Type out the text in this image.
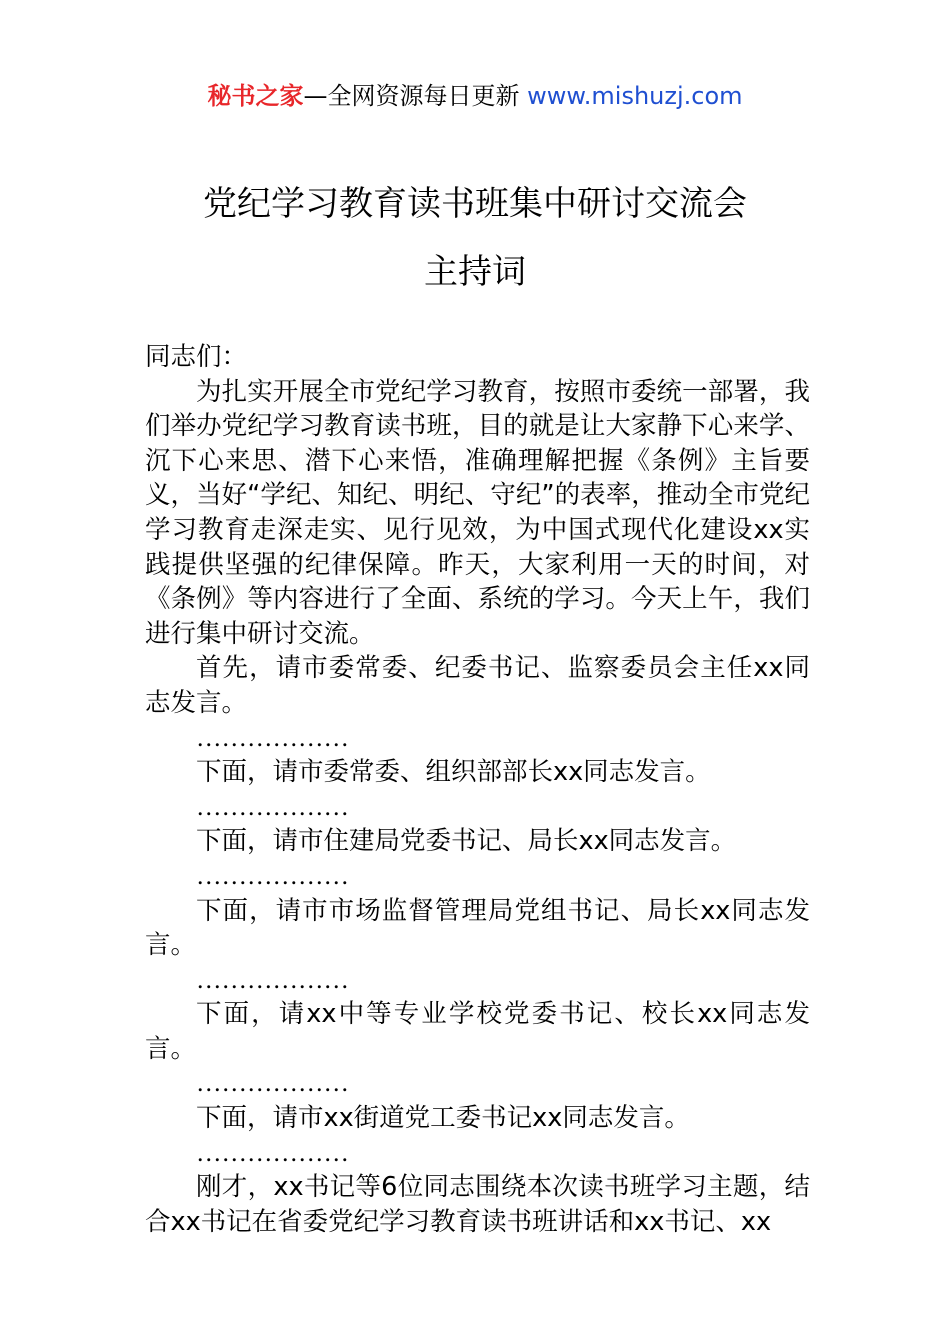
秘书之家—全网资源每日更新 www.mishuzj.com
党纪学习教育读书班集中研讨交流会
主持词

同志们：

为扎实开展全市党纪学习教育，按照市委统一部署，我们举办党纪学习教育读书班，目的就是让大家静下心来学、沉下心来思、潜下心来悟，准确理解把握《条例》主旨要义，当好“学纪、知纪、明纪、守纪”的表率，推动全市党纪学习教育走深走实、见行见效，为中国式现代化建设xx实践提供坚强的纪律保障。昨天，大家利用一天的时间，对《条例》等内容进行了全面、系统的学习。今天上午，我们进行集中研讨交流。

首先，请市委常委、纪委书记、监察委员会主任xx同志发言。

………………

下面，请市委常委、组织部部长xx同志发言。

………………

下面，请市住建局党委书记、局长xx同志发言。

………………

下面，请市市场监督管理局党组书记、局长xx同志发言。

………………

下面，请xx中等专业学校党委书记、校长xx同志发言。

………………

下面，请市xx街道党工委书记xx同志发言。

………………

刚才，xx书记等6位同志围绕本次读书班学习主题，结合xx书记在省委党纪学习教育读书班讲话和xx书记、xx
